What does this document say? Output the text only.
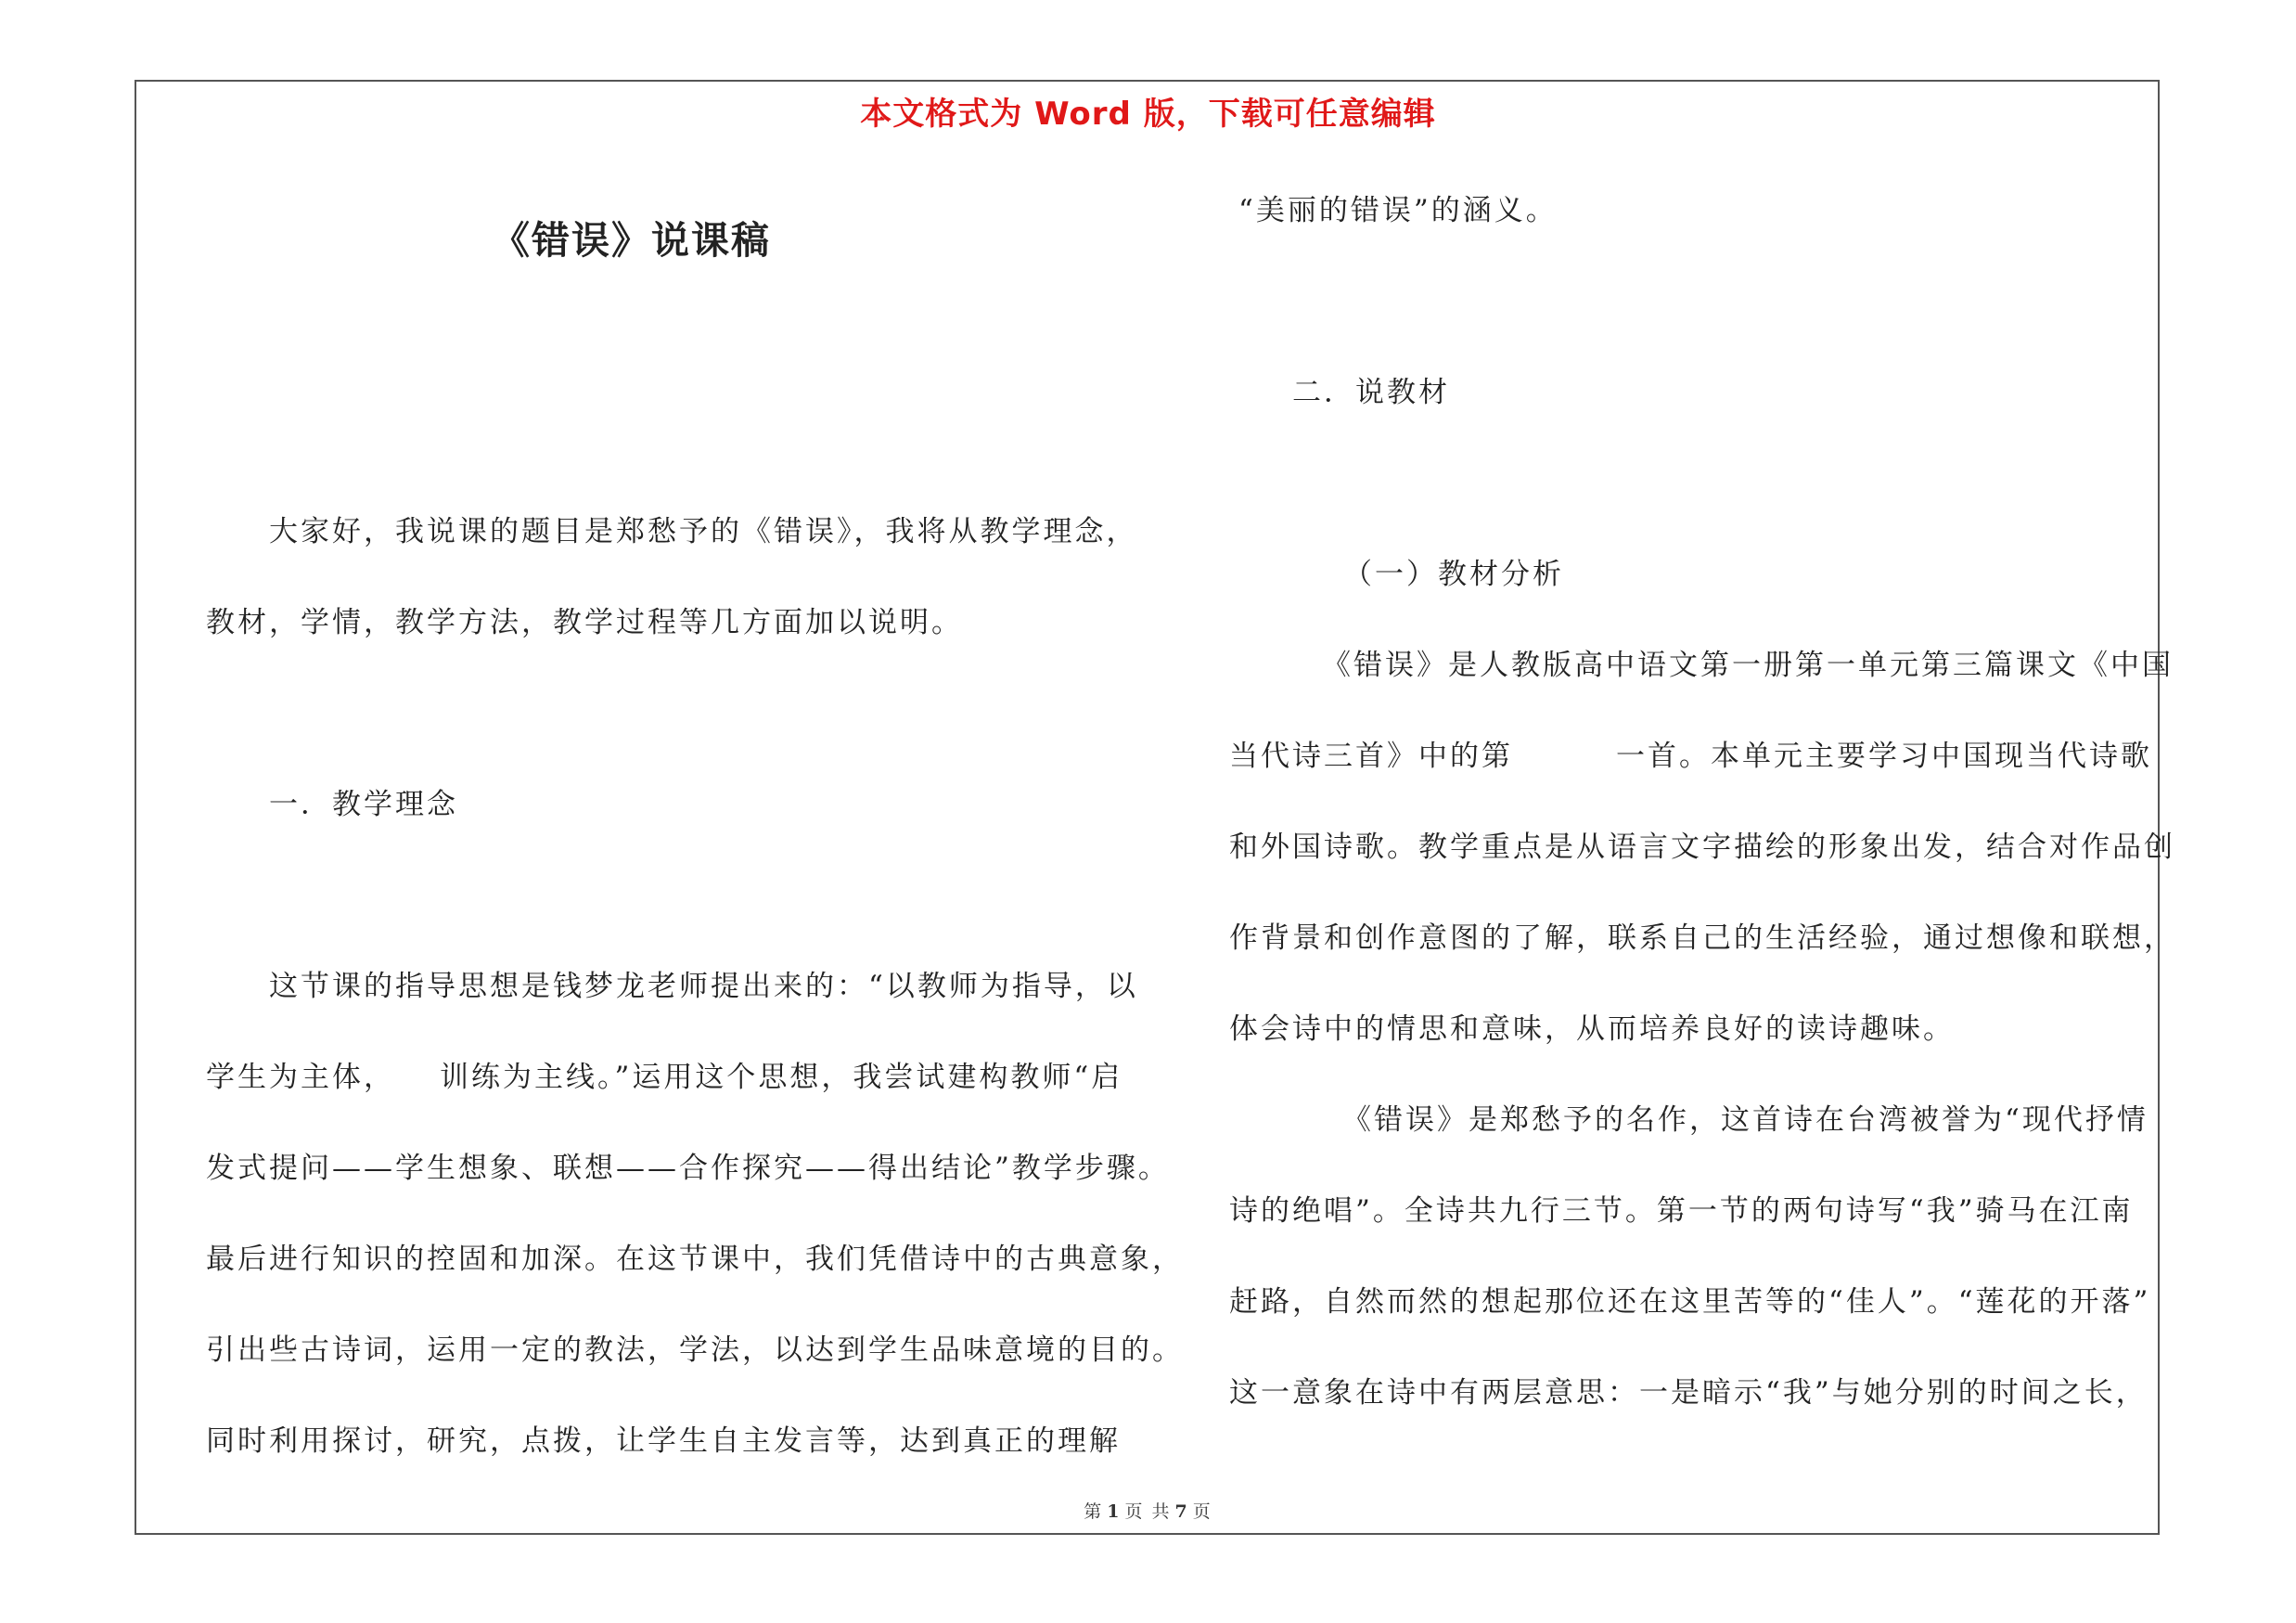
本文格式为 Word 版，下载可任意编辑
《错误》说课稿
大家好，我说课的题目是郑愁予的《错误》，我将从教学理念，
教材，学情，教学方法，教学过程等几方面加以说明。
一．教学理念
这节课的指导思想是钱梦龙老师提出来的：“以教师为指导，以
学生为主体， 训练为主线。”运用这个思想，我尝试建构教师“启
发式提问——学生想象、联想——合作探究——得出结论”教学步骤。
最后进行知识的控固和加深。在这节课中，我们凭借诗中的古典意象，
引出些古诗词，运用一定的教法，学法，以达到学生品味意境的目的。
同时利用探讨，研究，点拨，让学生自主发言等，达到真正的理解
“美丽的错误”的涵义。
二．说教材
（一）教材分析
《错误》是人教版高中语文第一册第一单元第三篇课文《中国
当代诗三首》中的第	一首。本单元主要学习中国现当代诗歌
和外国诗歌。教学重点是从语言文字描绘的形象出发，结合对作品创
作背景和创作意图的了解，联系自己的生活经验，通过想像和联想，
体会诗中的情思和意味，从而培养良好的读诗趣味。
《错误》是郑愁予的名作，这首诗在台湾被誉为“现代抒情
诗的绝唱”。全诗共九行三节。第一节的两句诗写“我”骑马在江南
赶路，自然而然的想起那位还在这里苦等的“佳人”。“莲花的开落”
这一意象在诗中有两层意思：一是暗示“我”与她分别的时间之长，
第 1 页 共 7 页
